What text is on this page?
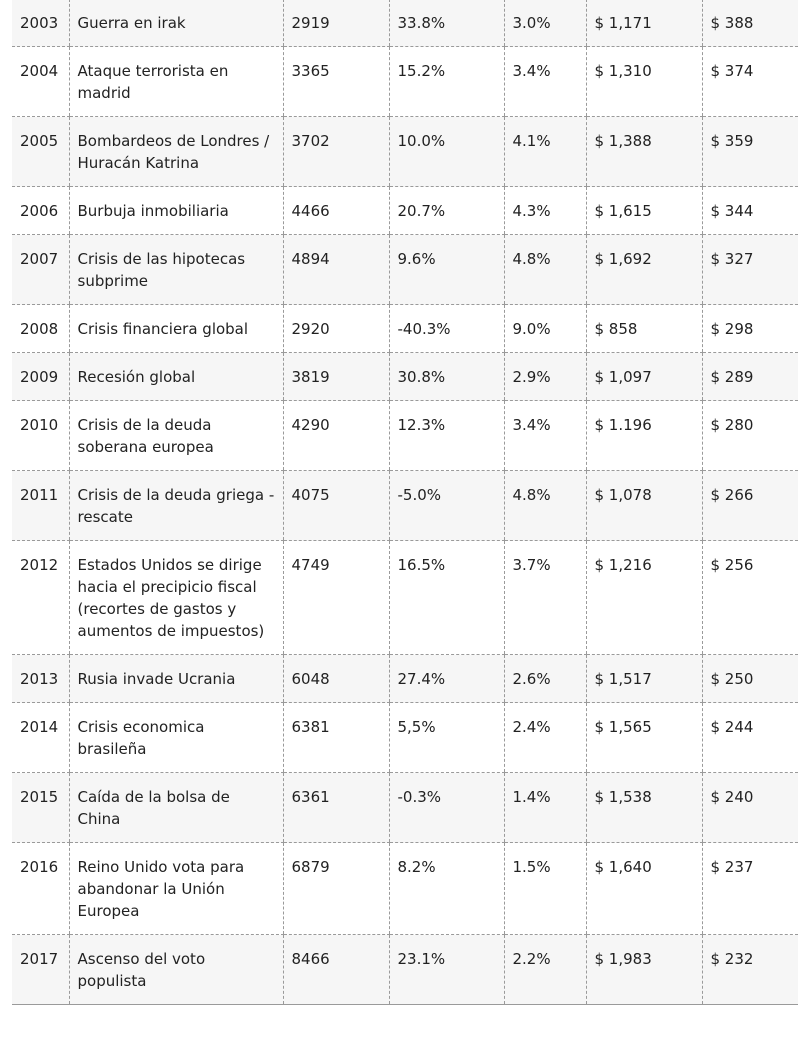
2003	Guerra en irak	2919	33.8%	3.0%	$ 1,171	$ 388
2004	Ataque terrorista en madrid	3365	15.2%	3.4%	$ 1,310	$ 374
2005	Bombardeos de Londres / Huracán Katrina	3702	10.0%	4.1%	$ 1,388	$ 359
2006	Burbuja inmobiliaria	4466	20.7%	4.3%	$ 1,615	$ 344
2007	Crisis de las hipotecas subprime	4894	9.6%	4.8%	$ 1,692	$ 327
2008	Crisis financiera global	2920	-40.3%	9.0%	$ 858	$ 298
2009	Recesión global	3819	30.8%	2.9%	$ 1,097	$ 289
2010	Crisis de la deuda soberana europea	4290	12.3%	3.4%	$ 1.196	$ 280
2011	Crisis de la deuda griega - rescate	4075	-5.0%	4.8%	$ 1,078	$ 266
2012	Estados Unidos se dirige hacia el precipicio fiscal (recortes de gastos y aumentos de impuestos)	4749	16.5%	3.7%	$ 1,216	$ 256
2013	Rusia invade Ucrania	6048	27.4%	2.6%	$ 1,517	$ 250
2014	Crisis economica brasileña	6381	5,5%	2.4%	$ 1,565	$ 244
2015	Caída de la bolsa de China	6361	-0.3%	1.4%	$ 1,538	$ 240
2016	Reino Unido vota para abandonar la Unión Europea	6879	8.2%	1.5%	$ 1,640	$ 237
2017	Ascenso del voto populista	8466	23.1%	2.2%	$ 1,983	$ 232
